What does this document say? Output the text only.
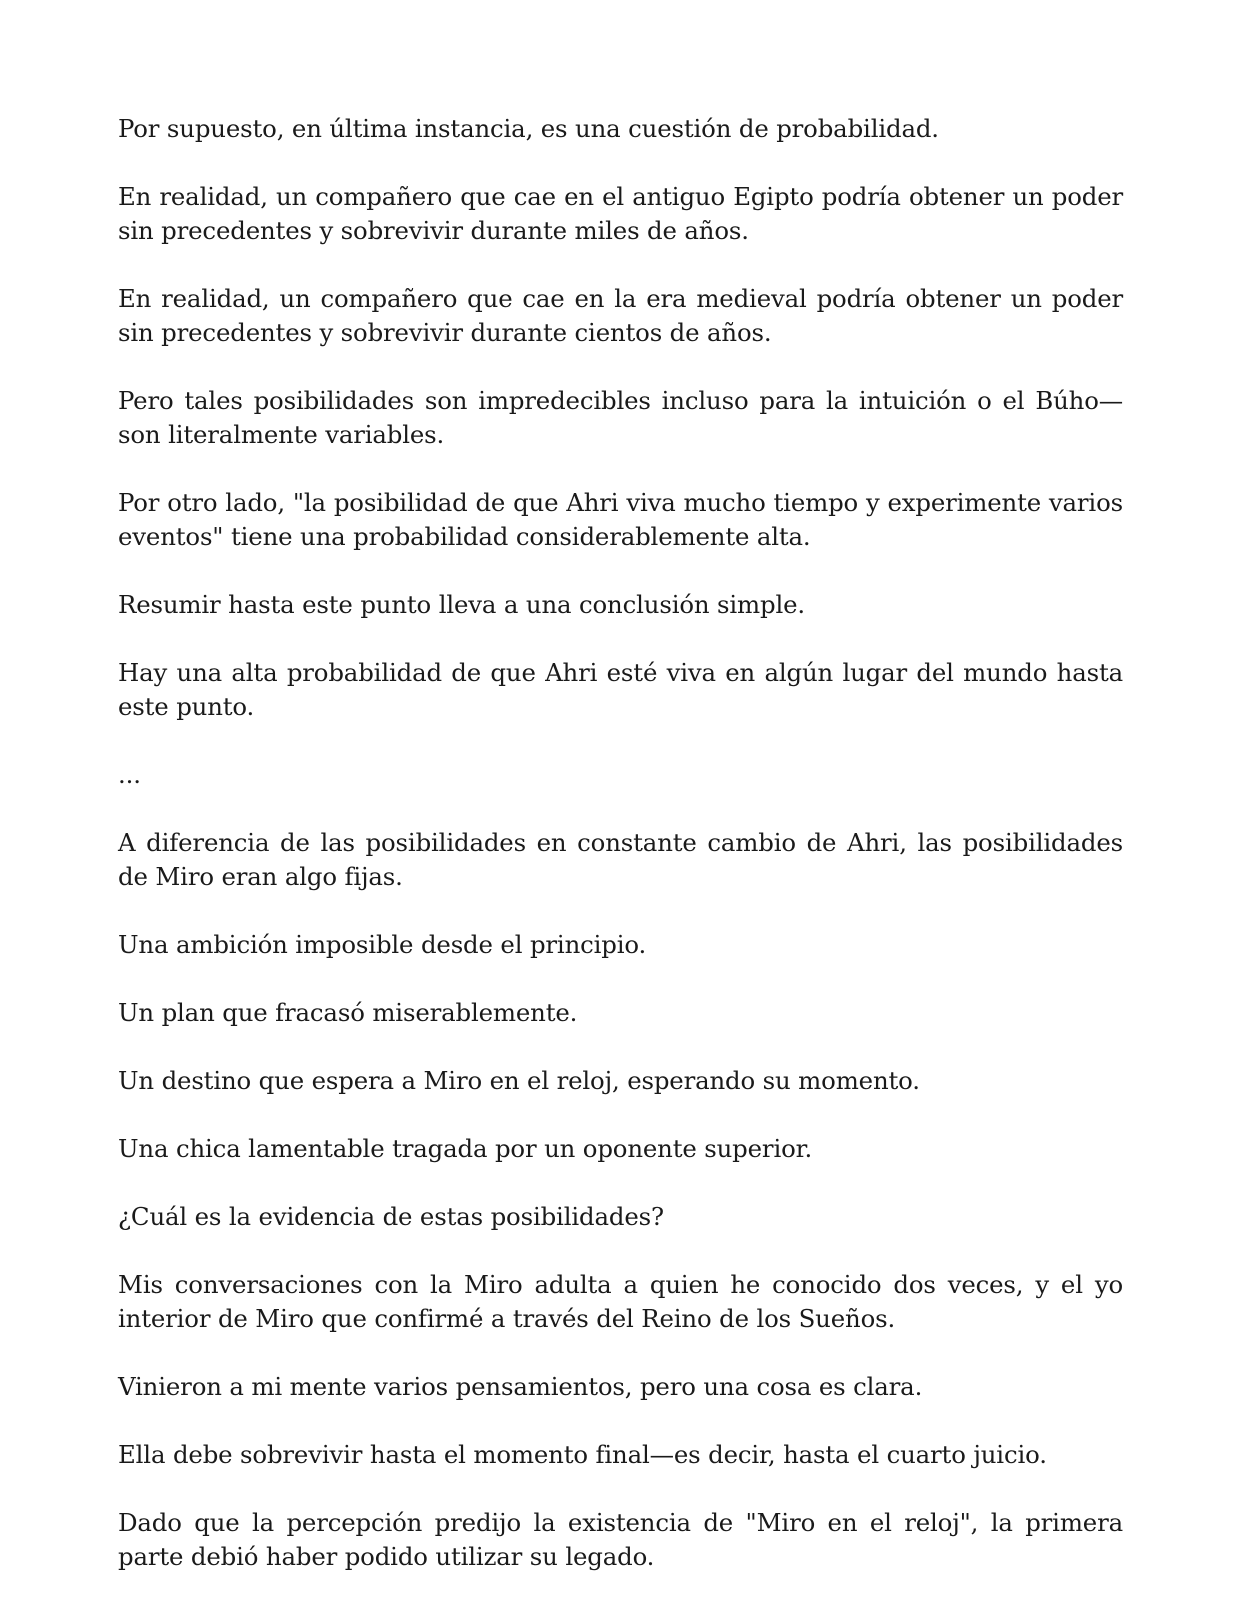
Por supuesto, en última instancia, es una cuestión de probabilidad.

En realidad, un compañero que cae en el antiguo Egipto podría obtener un poder sin precedentes y sobrevivir durante miles de años.

En realidad, un compañero que cae en la era medieval podría obtener un poder sin precedentes y sobrevivir durante cientos de años.

Pero tales posibilidades son impredecibles incluso para la intuición o el Búho—son literalmente variables.

Por otro lado, "la posibilidad de que Ahri viva mucho tiempo y experimente varios eventos" tiene una probabilidad considerablemente alta.

Resumir hasta este punto lleva a una conclusión simple.

Hay una alta probabilidad de que Ahri esté viva en algún lugar del mundo hasta este punto.

...

A diferencia de las posibilidades en constante cambio de Ahri, las posibilidades de Miro eran algo fijas.

Una ambición imposible desde el principio.

Un plan que fracasó miserablemente.

Un destino que espera a Miro en el reloj, esperando su momento.

Una chica lamentable tragada por un oponente superior.

¿Cuál es la evidencia de estas posibilidades?

Mis conversaciones con la Miro adulta a quien he conocido dos veces, y el yo interior de Miro que confirmé a través del Reino de los Sueños.

Vinieron a mi mente varios pensamientos, pero una cosa es clara.

Ella debe sobrevivir hasta el momento final—es decir, hasta el cuarto juicio.

Dado que la percepción predijo la existencia de "Miro en el reloj", la primera parte debió haber podido utilizar su legado.
